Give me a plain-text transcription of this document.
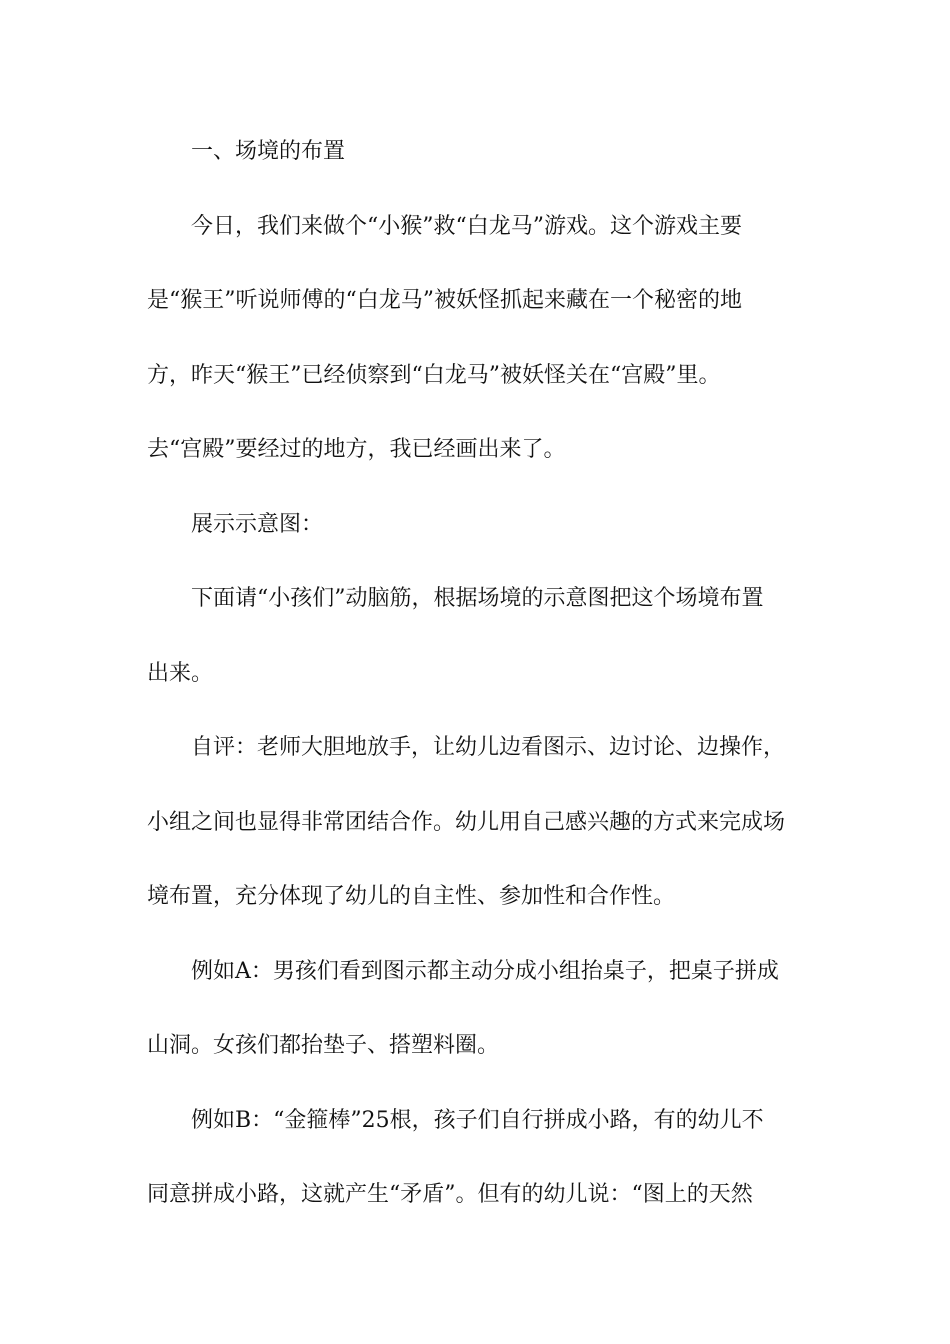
一、场境的布置
今日，我们来做个“小猴”救“白龙马”游戏。这个游戏主要
是“猴王”听说师傅的“白龙马”被妖怪抓起来藏在一个秘密的地
方，昨天“猴王”已经侦察到“白龙马”被妖怪关在“宫殿”里。
去“宫殿”要经过的地方，我已经画出来了。
展示示意图：
下面请“小孩们”动脑筋，根据场境的示意图把这个场境布置
出来。
自评：老师大胆地放手，让幼儿边看图示、边讨论、边操作，
小组之间也显得非常团结合作。幼儿用自己感兴趣的方式来完成场
境布置，充分体现了幼儿的自主性、参加性和合作性。
例如A：男孩们看到图示都主动分成小组抬桌子，把桌子拼成
山洞。女孩们都抬垫子、搭塑料圈。
例如B：“金箍棒”25根，孩子们自行拼成小路，有的幼儿不
同意拼成小路，这就产生“矛盾”。但有的幼儿说：“图上的天然
